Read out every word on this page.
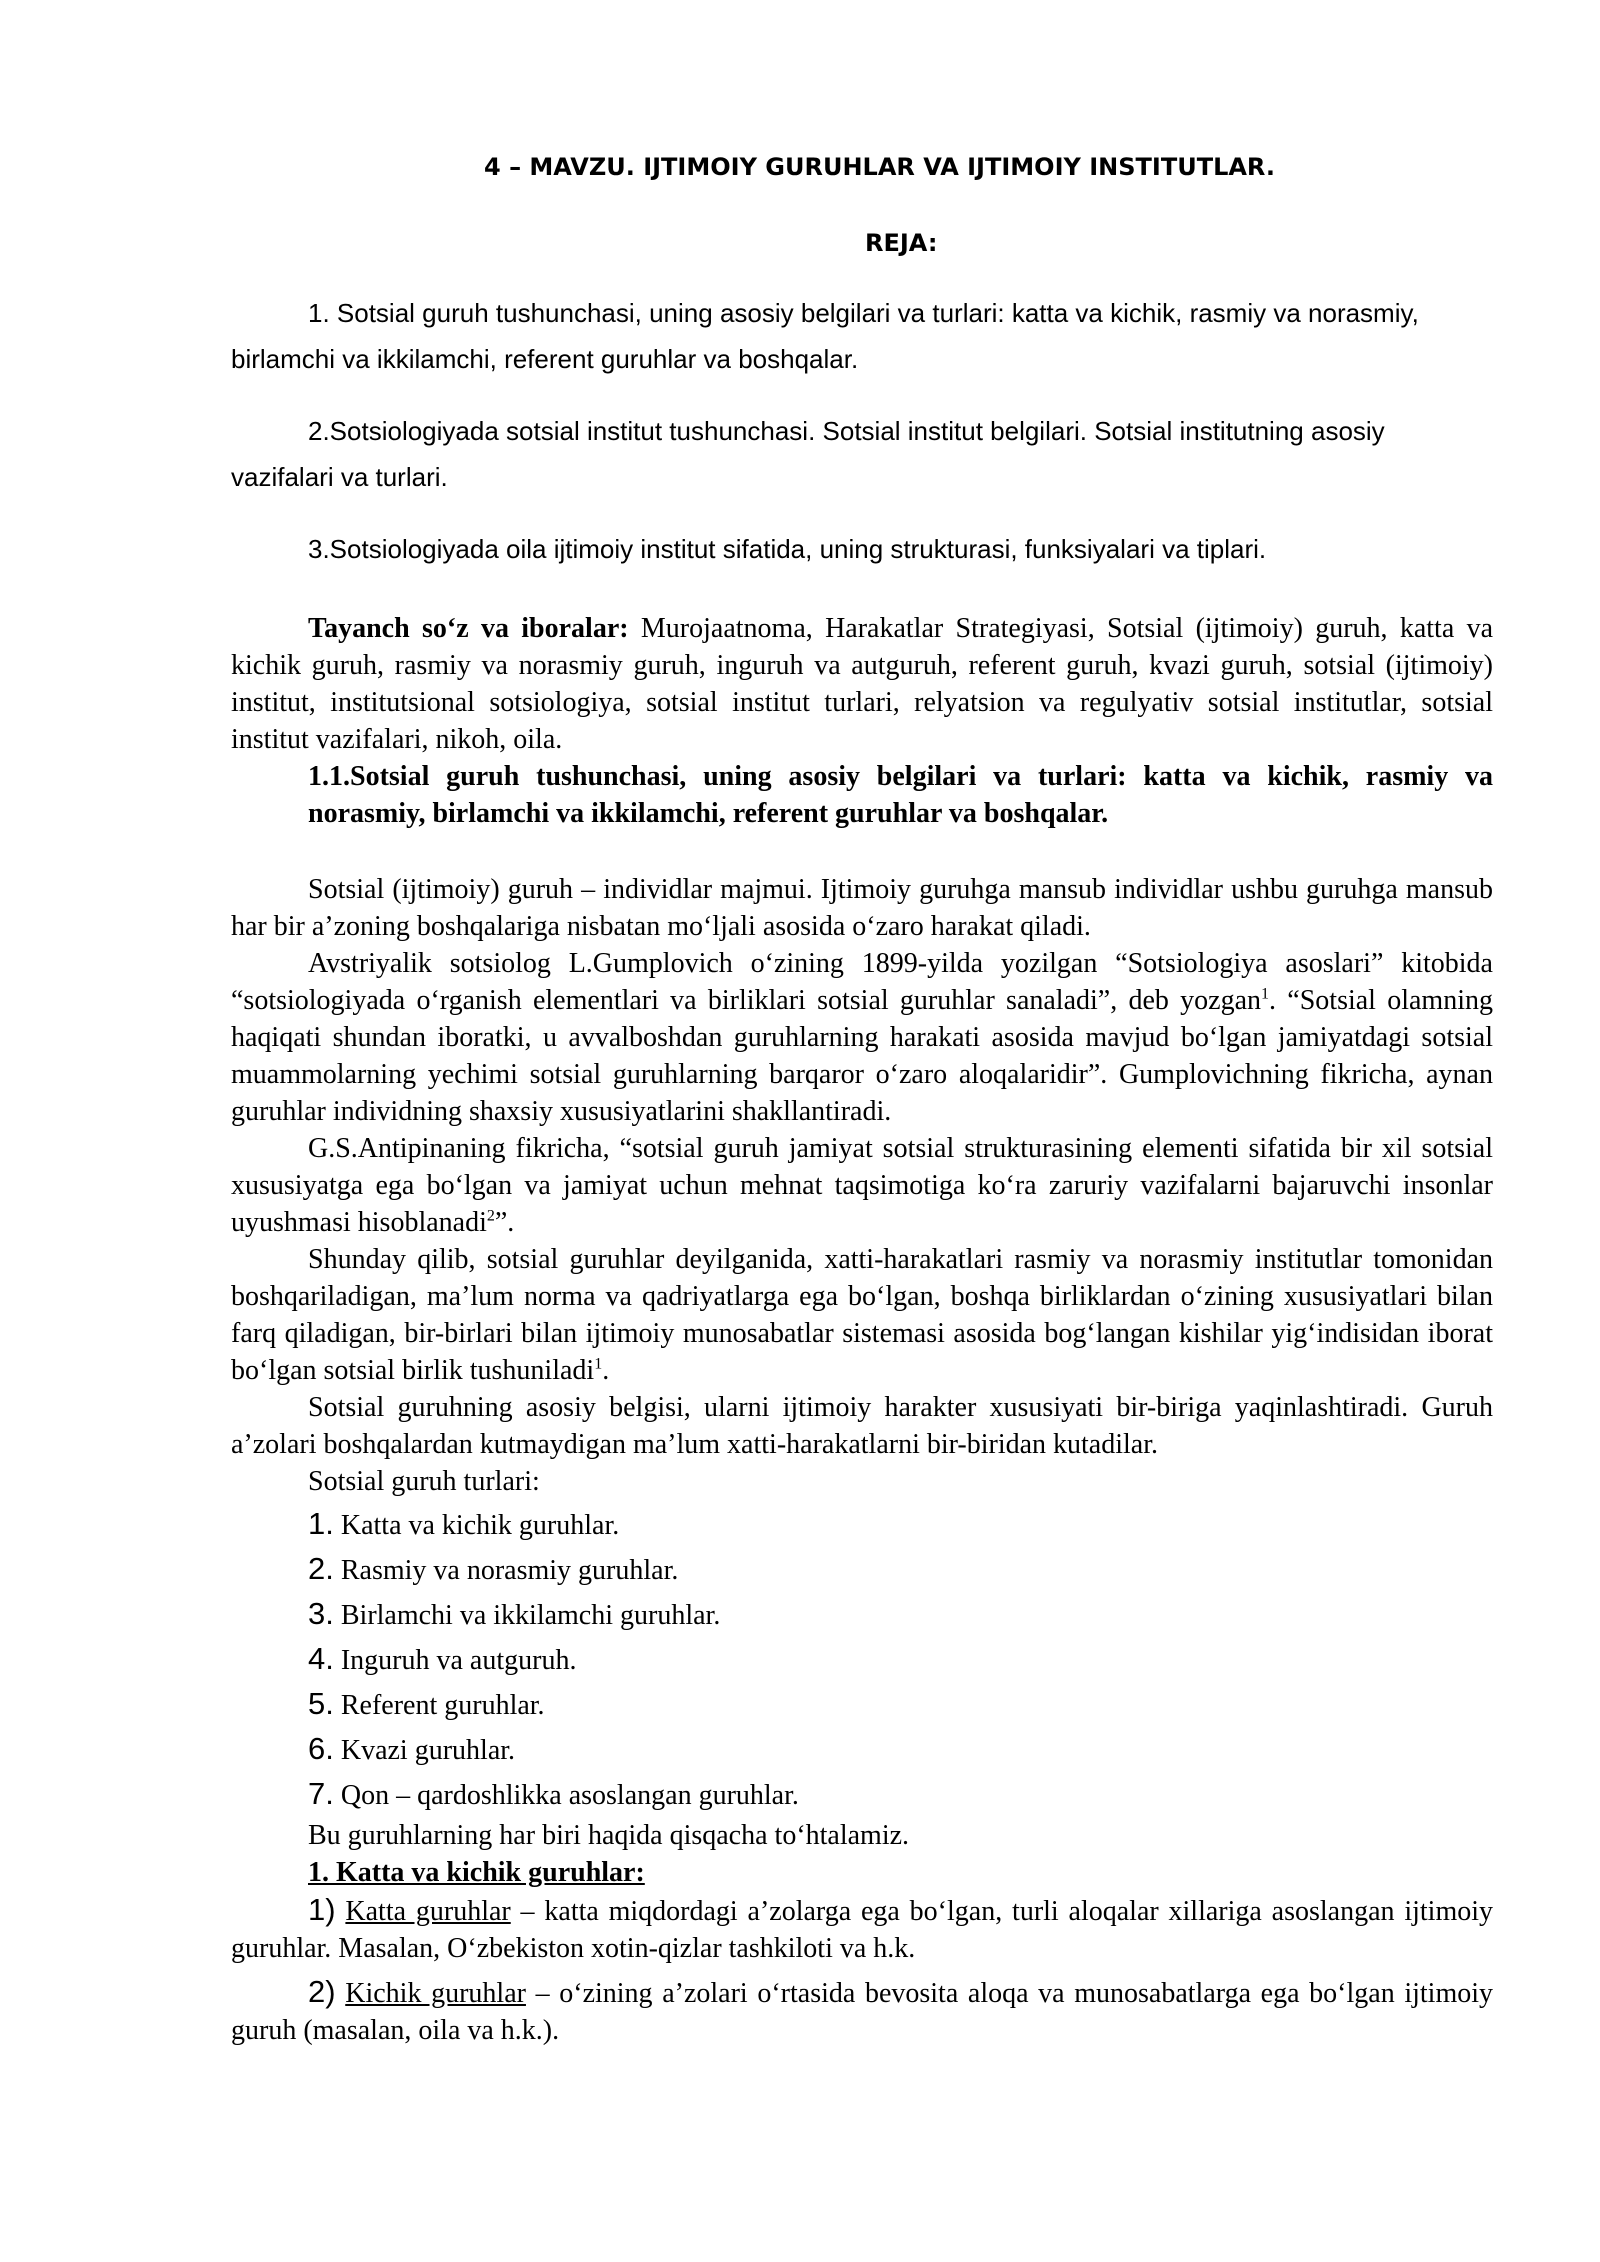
4 – MAVZU. IJTIMOIY GURUHLAR VA IJTIMOIY INSTITUTLAR.

REJA:

1. Sotsial guruh tushunchasi, uning asosiy belgilari va turlari: katta va kichik, rasmiy va norasmiy, birlamchi va ikkilamchi, referent guruhlar va boshqalar.

2.Sotsiologiyada sotsial institut tushunchasi. Sotsial institut belgilari. Sotsial institutning asosiy vazifalari va turlari.

3.Sotsiologiyada oila ijtimoiy institut sifatida, uning strukturasi, funksiyalari va tiplari.

Tayanch so‘z va iboralar: Murojaatnoma, Harakatlar Strategiyasi, Sotsial (ijtimoiy) guruh, katta va kichik guruh, rasmiy va norasmiy guruh, inguruh va autguruh, referent guruh, kvazi guruh, sotsial (ijtimoiy) institut, institutsional sotsiologiya, sotsial institut turlari, relyatsion va regulyativ sotsial institutlar, sotsial institut vazifalari, nikoh, oila.

1.1.Sotsial guruh tushunchasi, uning asosiy belgilari va turlari: katta va kichik, rasmiy va norasmiy, birlamchi va ikkilamchi, referent guruhlar va boshqalar.

Sotsial (ijtimoiy) guruh – individlar majmui. Ijtimoiy guruhga mansub individlar ushbu guruhga mansub har bir a’zoning boshqalariga nisbatan mo‘ljali asosida o‘zaro harakat qiladi.

Avstriyalik sotsiolog L.Gumplovich o‘zining 1899-yilda yozilgan “Sotsiologiya asoslari” kitobida “sotsiologiyada o‘rganish elementlari va birliklari sotsial guruhlar sanaladi”, deb yozgan$^1$. “Sotsial olamning haqiqati shundan iboratki, u avvalboshdan guruhlarning harakati asosida mavjud bo‘lgan jamiyatdagi sotsial muammolarning yechimi sotsial guruhlarning barqaror o‘zaro aloqalaridir”. Gumplovichning fikricha, aynan guruhlar individning shaxsiy xususiyatlarini shakllantiradi.

G.S.Antipinaning fikricha, “sotsial guruh jamiyat sotsial strukturasining elementi sifatida bir xil sotsial xususiyatga ega bo‘lgan va jamiyat uchun mehnat taqsimotiga ko‘ra zaruriy vazifalarni bajaruvchi insonlar uyushmasi hisoblanadi$^2$”.

Shunday qilib, sotsial guruhlar deyilganida, xatti-harakatlari rasmiy va norasmiy institutlar tomonidan boshqariladigan, ma’lum norma va qadriyatlarga ega bo‘lgan, boshqa birliklardan o‘zining xususiyatlari bilan farq qiladigan, bir-birlari bilan ijtimoiy munosabatlar sistemasi asosida bog‘langan kishilar yig‘indisidan iborat bo‘lgan sotsial birlik tushuniladi$^1$.

Sotsial guruhning asosiy belgisi, ularni ijtimoiy harakter xususiyati bir-biriga yaqinlashtiradi. Guruh a’zolari boshqalardan kutmaydigan ma’lum xatti-harakatlarni bir-biridan kutadilar.

Sotsial guruh turlari:

1. Katta va kichik guruhlar.
2. Rasmiy va norasmiy guruhlar.
3. Birlamchi va ikkilamchi guruhlar.
4. Inguruh va autguruh.
5. Referent guruhlar.
6. Kvazi guruhlar.
7. Qon – qardoshlikka asoslangan guruhlar.

Bu guruhlarning har biri haqida qisqacha to‘htalamiz.

1. Katta va kichik guruhlar:

1) Katta guruhlar – katta miqdordagi a’zolarga ega bo‘lgan, turli aloqalar xillariga asoslangan ijtimoiy guruhlar. Masalan, O‘zbekiston xotin-qizlar tashkiloti va h.k.

2) Kichik guruhlar – o‘zining a’zolari o‘rtasida bevosita aloqa va munosabatlarga ega bo‘lgan ijtimoiy guruh (masalan, oila va h.k.).
